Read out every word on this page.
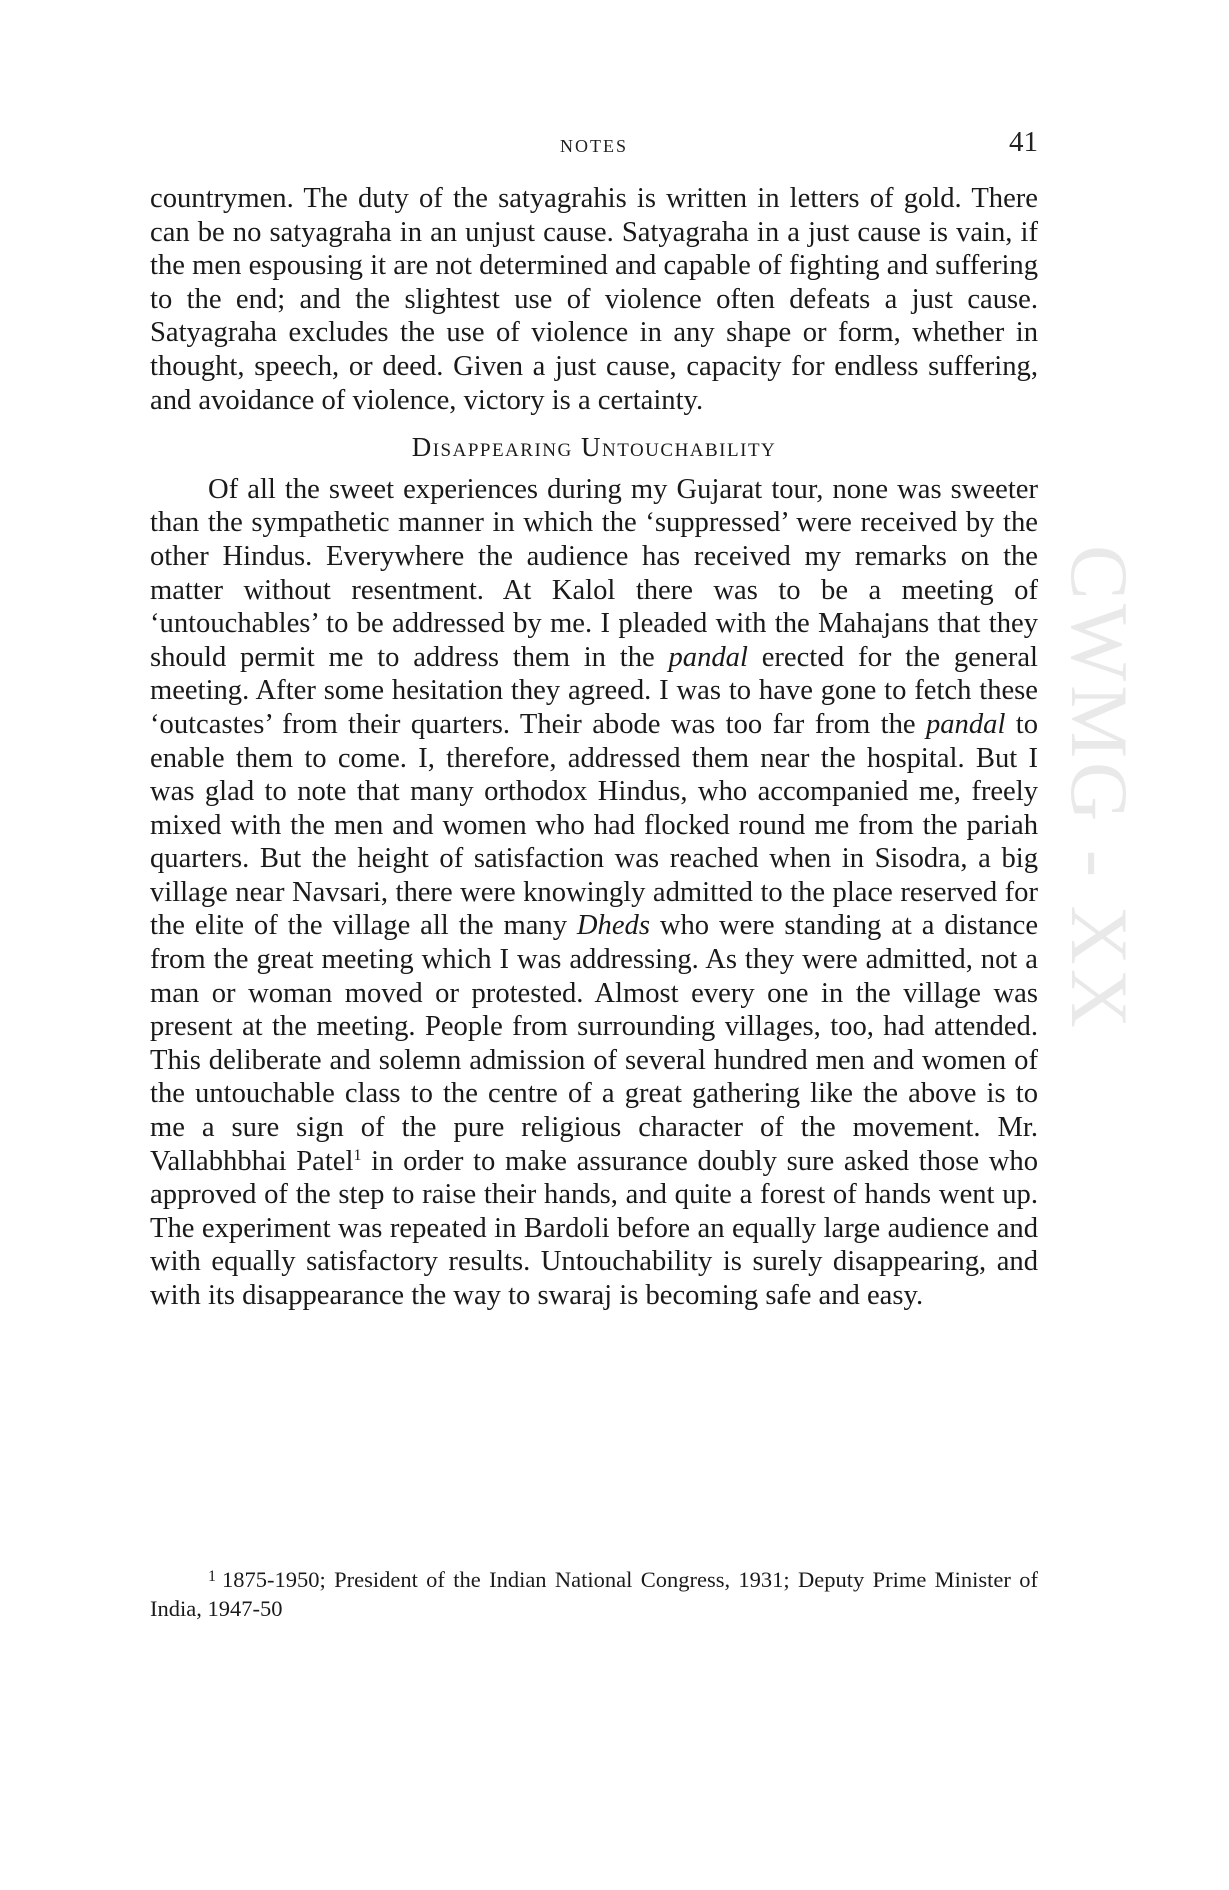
CWMG - XX
NOTES	41

countrymen. The duty of the satyagrahis is written in letters of gold. There can be no satyagraha in an unjust cause. Satyagraha in a just cause is vain, if the men espousing it are not determined and capable of fighting and suffering to the end; and the slightest use of violence often defeats a just cause. Satyagraha excludes the use of violence in any shape or form, whether in thought, speech, or deed. Given a just cause, capacity for endless suffering, and avoidance of violence, victory is a certainty.

Disappearing Untouchability

Of all the sweet experiences during my Gujarat tour, none was sweeter than the sympathetic manner in which the ‘suppressed’ were received by the other Hindus. Everywhere the audience has received my remarks on the matter without resentment. At Kalol there was to be a meeting of ‘untouchables’ to be addressed by me. I pleaded with the Mahajans that they should permit me to address them in the pandal erected for the general meeting. After some hesitation they agreed. I was to have gone to fetch these ‘outcastes’ from their quarters. Their abode was too far from the pandal to enable them to come. I, therefore, addressed them near the hospital. But I was glad to note that many orthodox Hindus, who accompanied me, freely mixed with the men and women who had flocked round me from the pariah quarters. But the height of satisfaction was reached when in Sisodra, a big village near Navsari, there were knowingly admitted to the place reserved for the elite of the village all the many Dheds who were standing at a distance from the great meeting which I was addressing. As they were admitted, not a man or woman moved or protested. Almost every one in the village was present at the meeting. People from surrounding villages, too, had attended. This deliberate and solemn admission of several hundred men and women of the untouchable class to the centre of a great gathering like the above is to me a sure sign of the pure religious character of the movement. Mr. Vallabhbhai Patel$^1$ in order to make assurance doubly sure asked those who approved of the step to raise their hands, and quite a forest of hands went up. The experiment was repeated in Bardoli before an equally large audience and with equally satisfactory results. Untouchability is surely disappearing, and with its disappearance the way to swaraj is becoming safe and easy.

$^1$ 1875-1950; President of the Indian National Congress, 1931; Deputy Prime Minister of India, 1947-50
